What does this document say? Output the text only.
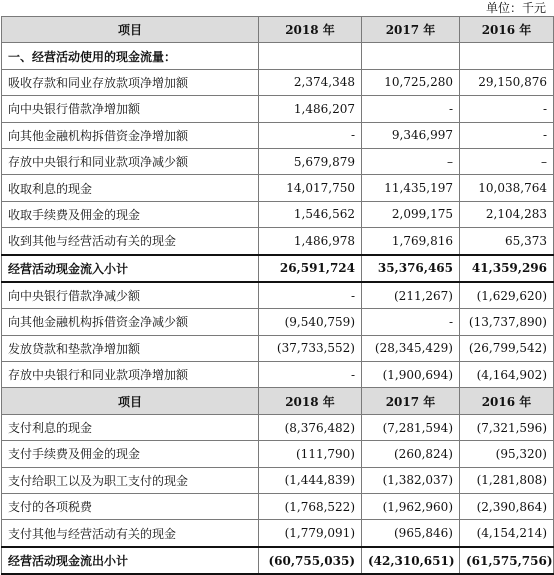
单位：千元
项目	2018 年	2017 年	2016 年
一、经营活动使用的现金流量：			
吸收存款和同业存放款项净增加额	2,374,348	10,725,280	29,150,876
向中央银行借款净增加额	1,486,207	-	-
向其他金融机构拆借资金净增加额	-	9,346,997	-
存放中央银行和同业款项净减少额	5,679,879	–	–
收取利息的现金	14,017,750	11,435,197	10,038,764
收取手续费及佣金的现金	1,546,562	2,099,175	2,104,283
收到其他与经营活动有关的现金	1,486,978	1,769,816	65,373
经营活动现金流入小计	26,591,724	35,376,465	41,359,296
向中央银行借款净减少额	-	(211,267)	(1,629,620)
向其他金融机构拆借资金净减少额	(9,540,759)	-	(13,737,890)
发放贷款和垫款净增加额	(37,733,552)	(28,345,429)	(26,799,542)
存放中央银行和同业款项净增加额	-	(1,900,694)	(4,164,902)
项目	2018 年	2017 年	2016 年
支付利息的现金	(8,376,482)	(7,281,594)	(7,321,596)
支付手续费及佣金的现金	(111,790)	(260,824)	(95,320)
支付给职工以及为职工支付的现金	(1,444,839)	(1,382,037)	(1,281,808)
支付的各项税费	(1,768,522)	(1,962,960)	(2,390,864)
支付其他与经营活动有关的现金	(1,779,091)	(965,846)	(4,154,214)
经营活动现金流出小计	(60,755,035)	(42,310,651)	(61,575,756)
